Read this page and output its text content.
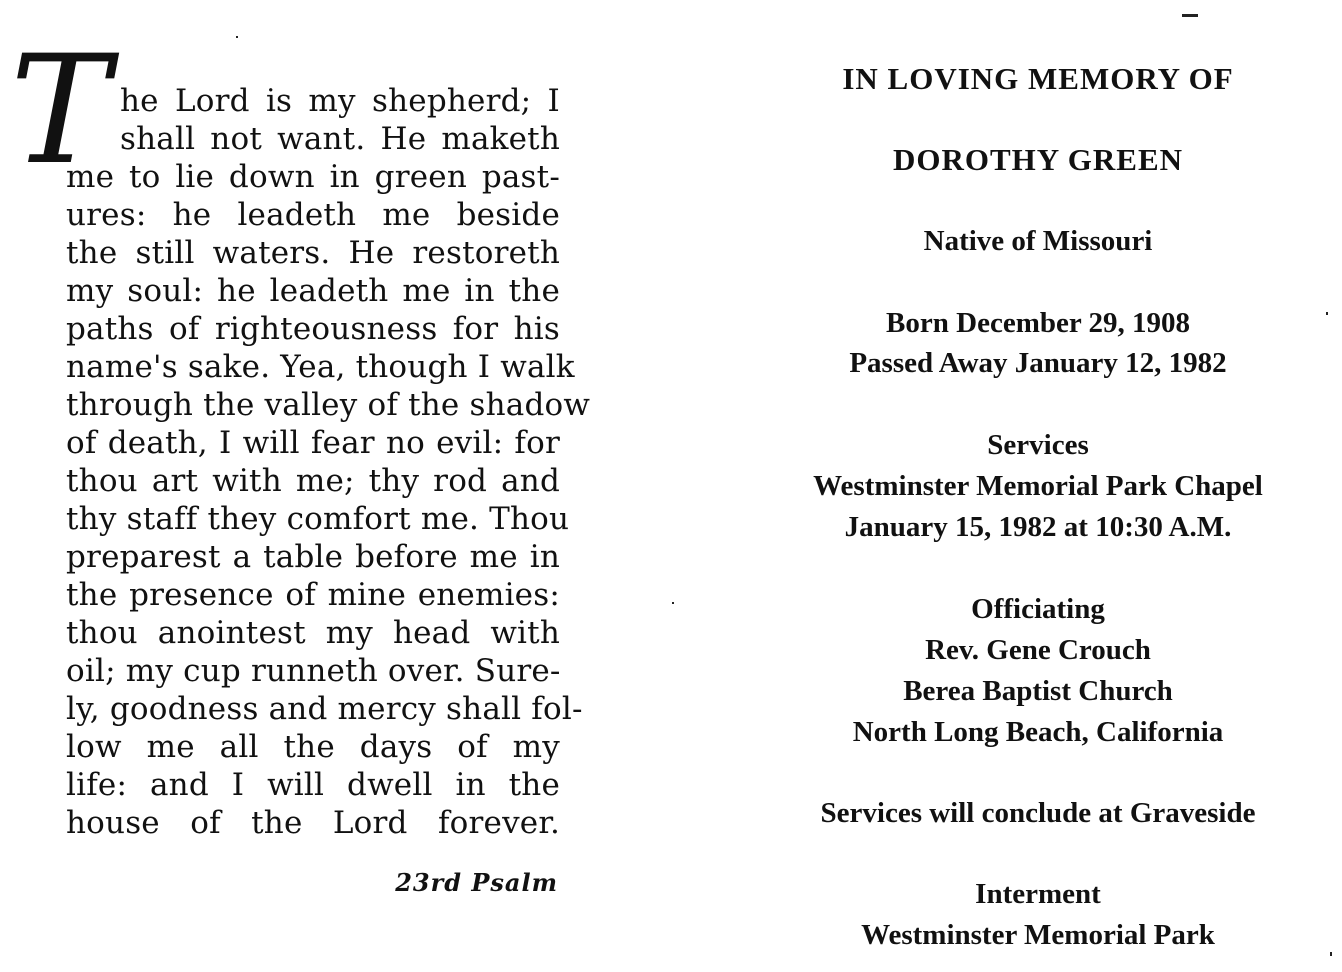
T he Lord is my shepherd; I
shall not want. He maketh
me to lie down in green past-
ures: he leadeth me beside
the still waters. He restoreth
my soul: he leadeth me in the
paths of righteousness for his
name's sake. Yea, though I walk
through the valley of the shadow
of death, I will fear no evil: for
thou art with me; thy rod and
thy staff they comfort me. Thou
preparest a table before me in
the presence of mine enemies:
thou anointest my head with
oil; my cup runneth over. Sure-
ly, goodness and mercy shall fol-
low me all the days of my
life: and I will dwell in the
house of the Lord forever.
23rd Psalm
IN LOVING MEMORY OF
DOROTHY GREEN
Native of Missouri
Born December 29, 1908
Passed Away January 12, 1982
Services
Westminster Memorial Park Chapel
January 15, 1982 at 10:30 A.M.
Officiating
Rev. Gene Crouch
Berea Baptist Church
North Long Beach, California
Services will conclude at Graveside
Interment
Westminster Memorial Park
